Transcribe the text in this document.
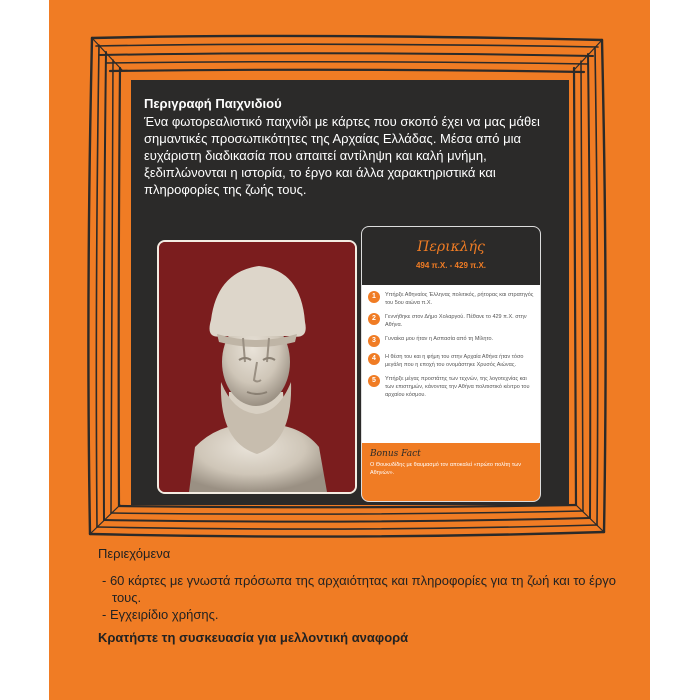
Περιγραφή Παιχνιδιού

Ένα φωτορεαλιστικό παιχνίδι με κάρτες που σκοπό έχει να μας μάθει σημαντικές προσωπικότητες της Αρχαίας Ελλάδας. Μέσα από μια ευχάριστη διαδικασία που απαιτεί αντίληψη και καλή μνήμη, ξεδιπλώνονται η ιστορία, το έργο και άλλα χαρακτηριστικά και πληροφορίες της ζωής τους.

Περικλής
494 π.Χ. - 429 π.Χ.
1	Υπήρξε Αθηναίος Έλληνας πολιτικός, ρήτορας και στρατηγός του 5ου αιώνα π.Χ.
2	Γεννήθηκε στον Δήμο Χολαργού. Πέθανε το 429 π.Χ. στην Αθήνα.
3	Γυναίκα μου ήταν η Ασπασία από τη Μίλητο.
4	Η θέση του και η φήμη του στην Αρχαία Αθήνα ήταν τόσο μεγάλη που η εποχή του ονομάστηκε Χρυσός Αιώνας.
5	Υπήρξε μέγας προστάτης των τεχνών, της λογοτεχνίας και των επιστημών, κάνοντας την Αθήνα πολιτιστικό κέντρο του αρχαίου κόσμου.
Bonus Fact
Ο Θουκυδίδης με θαυμασμό τον αποκαλεί «πρώτο πολίτη των Αθηνών».
Περιεχόμενα
- 60 κάρτες με γνωστά πρόσωπα της αρχαιότητας και πληροφορίες για τη ζωή και το έργο τους.
- Εγχειρίδιο χρήσης.
Κρατήστε τη συσκευασία για μελλοντική αναφορά
